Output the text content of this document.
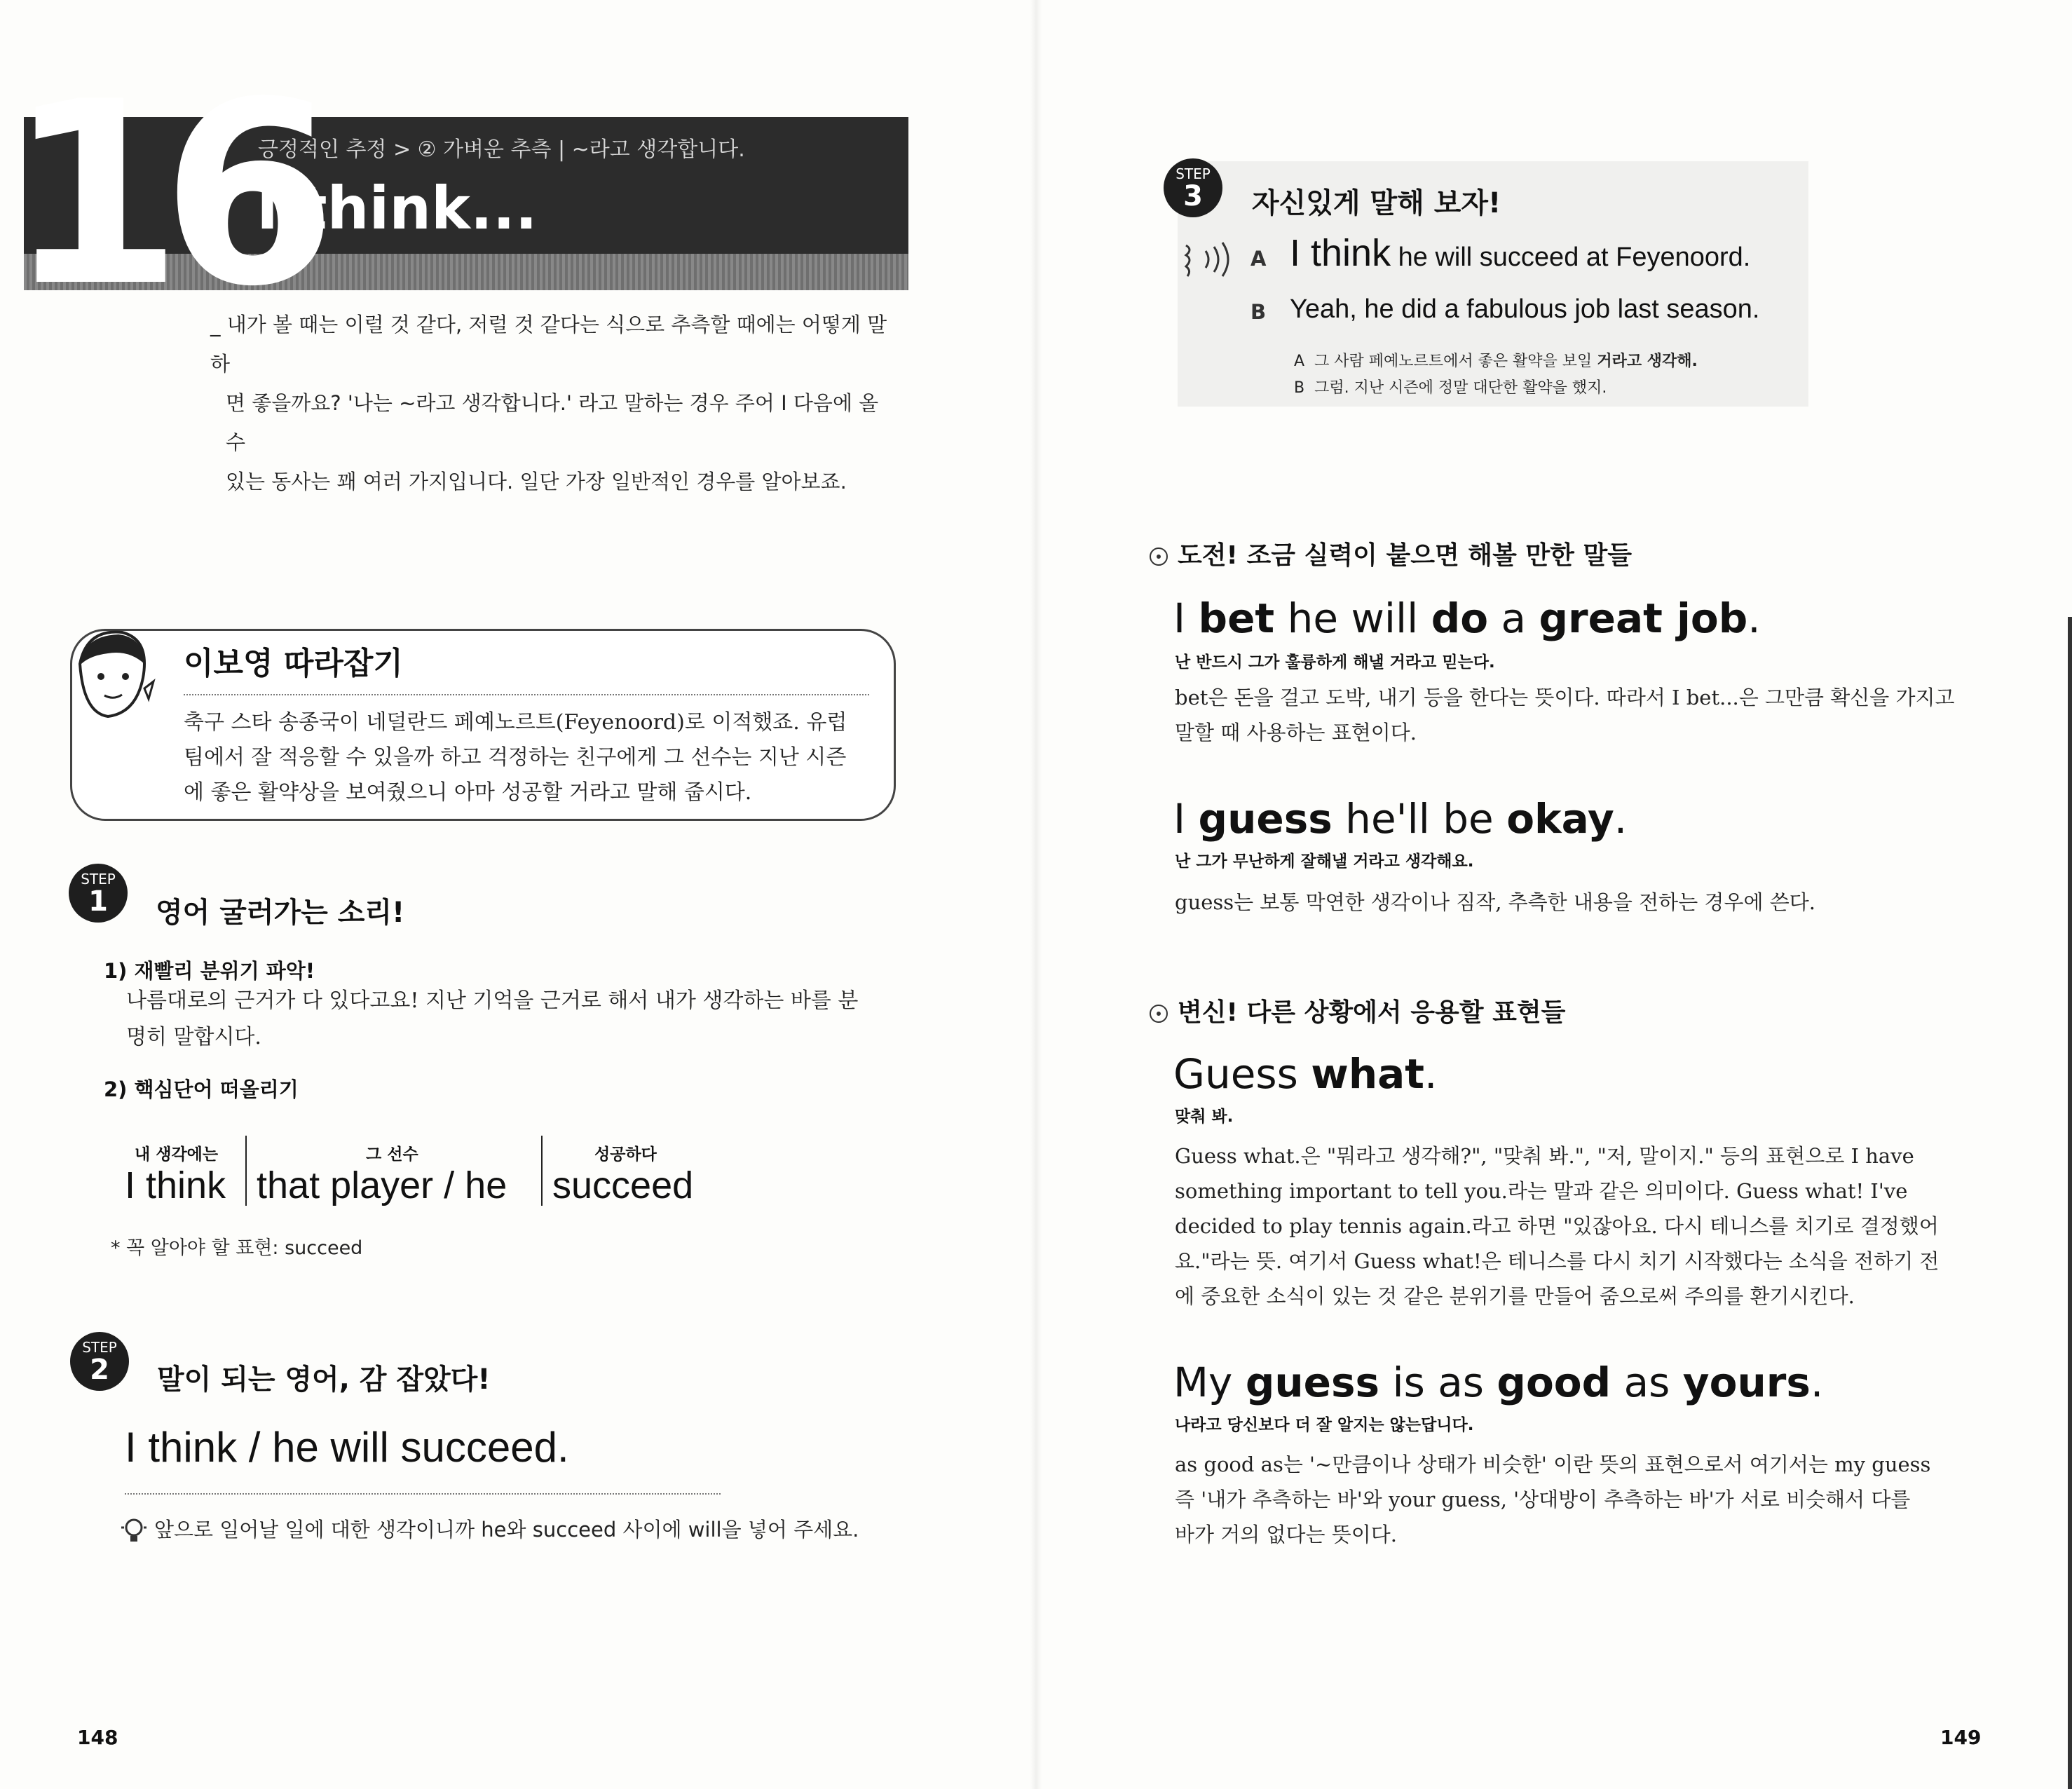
16
긍정적인 추정 > ② 가벼운 추측 | ~라고 생각합니다.
I think...
_ 내가 볼 때는 이럴 것 같다, 저럴 것 같다는 식으로 추측할 때에는 어떻게 말하
면 좋을까요? '나는 ~라고 생각합니다.' 라고 말하는 경우 주어 I 다음에 올 수
있는 동사는 꽤 여러 가지입니다. 일단 가장 일반적인 경우를 알아보죠.
이보영 따라잡기
축구 스타 송종국이 네덜란드 페예노르트(Feyenoord)로 이적했죠. 유럽
팀에서 잘 적응할 수 있을까 하고 걱정하는 친구에게 그 선수는 지난 시즌
에 좋은 활약상을 보여줬으니 아마 성공할 거라고 말해 줍시다.
STEP
1	영어 굴러가는 소리!
1) 재빨리 분위기 파악!
나름대로의 근거가 다 있다고요! 지난 기억을 근거로 해서 내가 생각하는 바를 분
명히 말합시다.
2) 핵심단어 떠올리기
내 생각에는
I think
그 선수
that player / he
성공하다
succeed
* 꼭 알아야 할 표현: succeed
STEP
2	말이 되는 영어, 감 잡았다!
I think / he will succeed.
앞으로 일어날 일에 대한 생각이니까 he와 succeed 사이에 will을 넣어 주세요.
148
STEP
3	자신있게 말해 보자!
A I think he will succeed at Feyenoord.
B Yeah, he did a fabulous job last season.
A 그 사람 페예노르트에서 좋은 활약을 보일 거라고 생각해.
B 그럼. 지난 시즌에 정말 대단한 활약을 했지.
도전! 조금 실력이 붙으면 해볼 만한 말들
I bet he will do a great job.
난 반드시 그가 훌륭하게 해낼 거라고 믿는다.
bet은 돈을 걸고 도박, 내기 등을 한다는 뜻이다. 따라서 I bet...은 그만큼 확신을 가지고
말할 때 사용하는 표현이다.
I guess he'll be okay.
난 그가 무난하게 잘해낼 거라고 생각해요.
guess는 보통 막연한 생각이나 짐작, 추측한 내용을 전하는 경우에 쓴다.
변신! 다른 상황에서 응용할 표현들
Guess what.
맞춰 봐.
Guess what.은 "뭐라고 생각해?", "맞춰 봐.", "저, 말이지." 등의 표현으로 I have
something important to tell you.라는 말과 같은 의미이다. Guess what! I've
decided to play tennis again.라고 하면 "있잖아요. 다시 테니스를 치기로 결정했어
요."라는 뜻. 여기서 Guess what!은 테니스를 다시 치기 시작했다는 소식을 전하기 전
에 중요한 소식이 있는 것 같은 분위기를 만들어 줌으로써 주의를 환기시킨다.
My guess is as good as yours.
나라고 당신보다 더 잘 알지는 않는답니다.
as good as는 '~만큼이나 상태가 비슷한' 이란 뜻의 표현으로서 여기서는 my guess
즉 '내가 추측하는 바'와 your guess, '상대방이 추측하는 바'가 서로 비슷해서 다를
바가 거의 없다는 뜻이다.
149
